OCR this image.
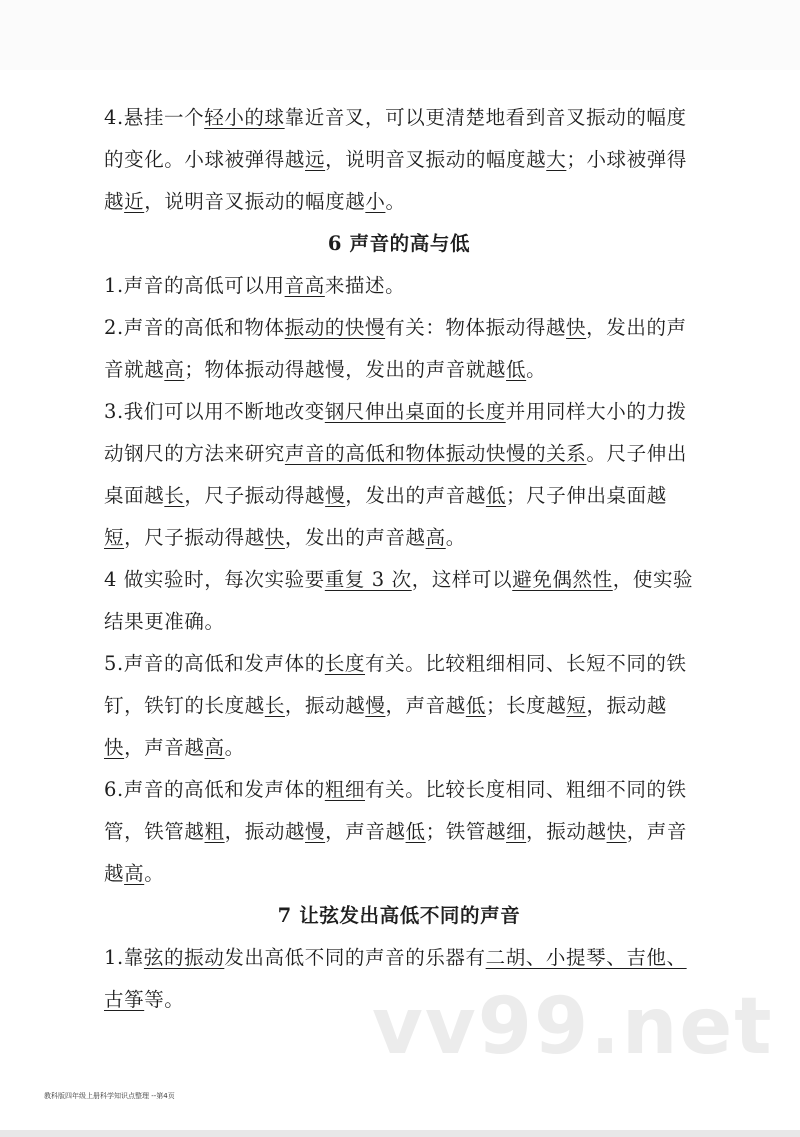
4.悬挂一个轻小的球靠近音叉，可以更清楚地看到音叉振动的幅度的变化。小球被弹得越远，说明音叉振动的幅度越大；小球被弹得越近，说明音叉振动的幅度越小。

6 声音的高与低

1.声音的高低可以用音高来描述。

2.声音的高低和物体振动的快慢有关：物体振动得越快，发出的声音就越高；物体振动得越慢，发出的声音就越低。

3.我们可以用不断地改变钢尺伸出桌面的长度并用同样大小的力拨动钢尺的方法来研究声音的高低和物体振动快慢的关系。尺子伸出桌面越长，尺子振动得越慢，发出的声音越低；尺子伸出桌面越短，尺子振动得越快，发出的声音越高。

4 做实验时，每次实验要重复 3 次，这样可以避免偶然性，使实验结果更准确。

5.声音的高低和发声体的长度有关。比较粗细相同、长短不同的铁钉，铁钉的长度越长，振动越慢，声音越低；长度越短，振动越快，声音越高。

6.声音的高低和发声体的粗细有关。比较长度相同、粗细不同的铁管，铁管越粗，振动越慢，声音越低；铁管越细，振动越快，声音越高。

7 让弦发出高低不同的声音

1.靠弦的振动发出高低不同的声音的乐器有二胡、小提琴、吉他、古筝等。	vv99.net
教科版四年级上册科学知识点整理 --第4页
